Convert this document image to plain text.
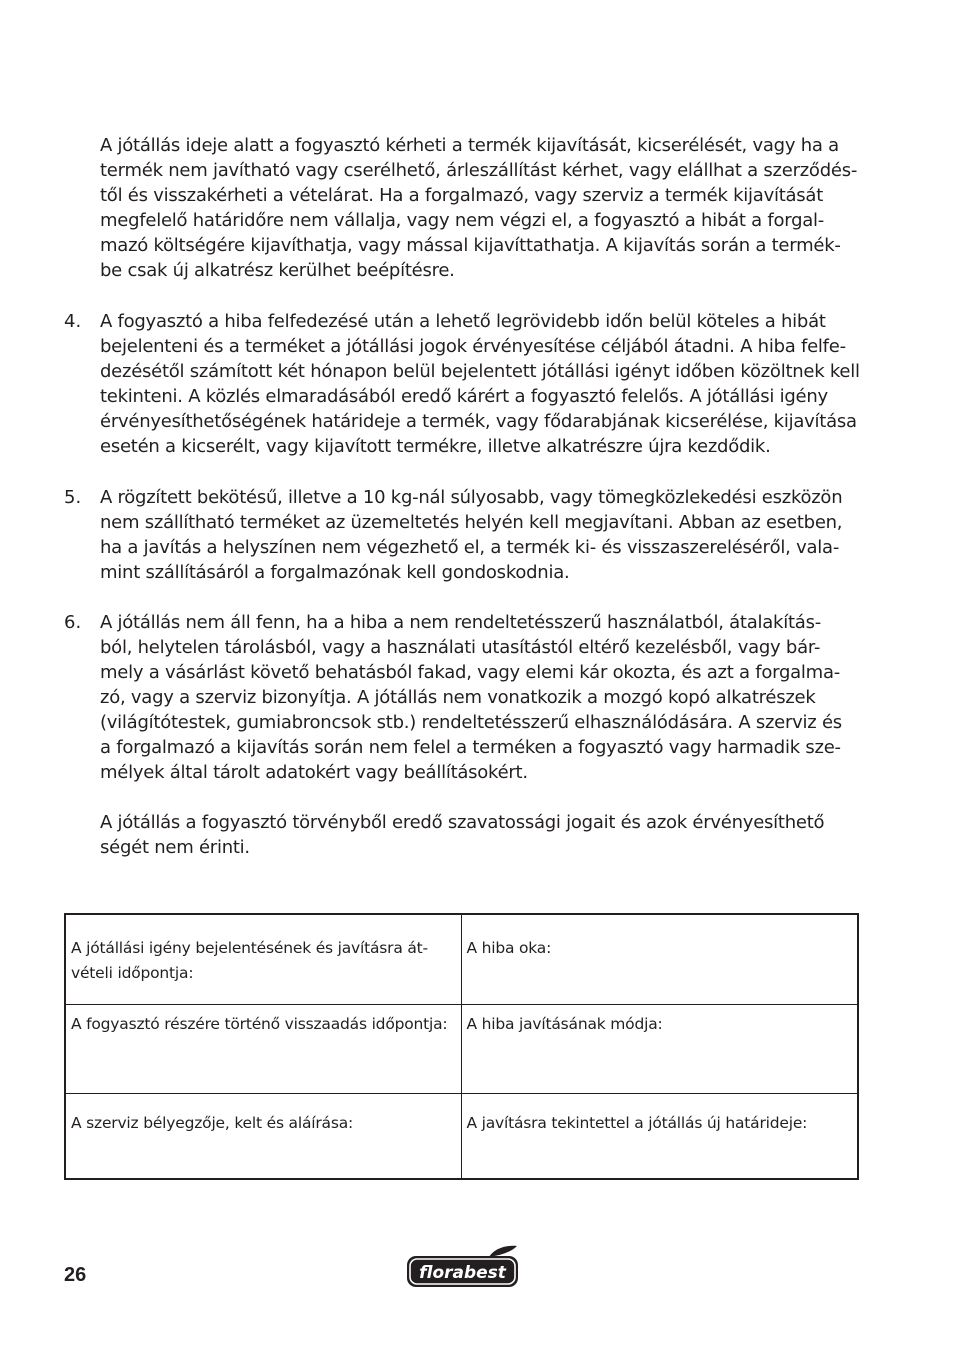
A jótállás ideje alatt a fogyasztó kérheti a termék kijavítását, kicserélését, vagy ha a
termék nem javítható vagy cserélhető, árleszállítást kérhet, vagy elállhat a szerződés-
től és visszakérheti a vételárat. Ha a forgalmazó, vagy szerviz a termék kijavítását
megfelelő határidőre nem vállalja, vagy nem végzi el, a fogyasztó a hibát a forgal-
mazó költségére kijavíthatja, vagy mással kijavíttathatja. A kijavítás során a termék-
be csak új alkatrész kerülhet beépítésre.
4. A fogyasztó a hiba felfedezésé után a lehető legrövidebb időn belül köteles a hibát
bejelenteni és a terméket a jótállási jogok érvényesítése céljából átadni. A hiba felfe-
dezésétől számított két hónapon belül bejelentett jótállási igényt időben közöltnek kell
tekinteni. A közlés elmaradásából eredő kárért a fogyasztó felelős. A jótállási igény
érvényesíthetőségének határideje a termék, vagy fődarabjának kicserélése, kijavítása
esetén a kicserélt, vagy kijavított termékre, illetve alkatrészre újra kezdődik.
5. A rögzített bekötésű, illetve a 10 kg-nál súlyosabb, vagy tömegközlekedési eszközön
nem szállítható terméket az üzemeltetés helyén kell megjavítani. Abban az esetben,
ha a javítás a helyszínen nem végezhető el, a termék ki- és visszaszereléséről, vala-
mint szállításáról a forgalmazónak kell gondoskodnia.
6. A jótállás nem áll fenn, ha a hiba a nem rendeltetésszerű használatból, átalakítás-
ból, helytelen tárolásból, vagy a használati utasítástól eltérő kezelésből, vagy bár-
mely a vásárlást követő behatásból fakad, vagy elemi kár okozta, és azt a forgalma-
zó, vagy a szerviz bizonyítja. A jótállás nem vonatkozik a mozgó kopó alkatrészek
(világítótestek, gumiabroncsok stb.) rendeltetésszerű elhasználódására. A szerviz és
a forgalmazó a kijavítás során nem felel a terméken a fogyasztó vagy harmadik sze-
mélyek által tárolt adatokért vagy beállításokért.
A jótállás a fogyasztó törvényből eredő szavatossági jogait és azok érvényesíthető
ségét nem érinti.
A jótállási igény bejelentésének és javításra át-
vételi időpontja:	A hiba oka:

A fogyasztó részére történő visszaadás időpontja:	A hiba javításának módja:

A szerviz bélyegzője, kelt és aláírása:	A javításra tekintettel a jótállás új határideje:
26	florabest
